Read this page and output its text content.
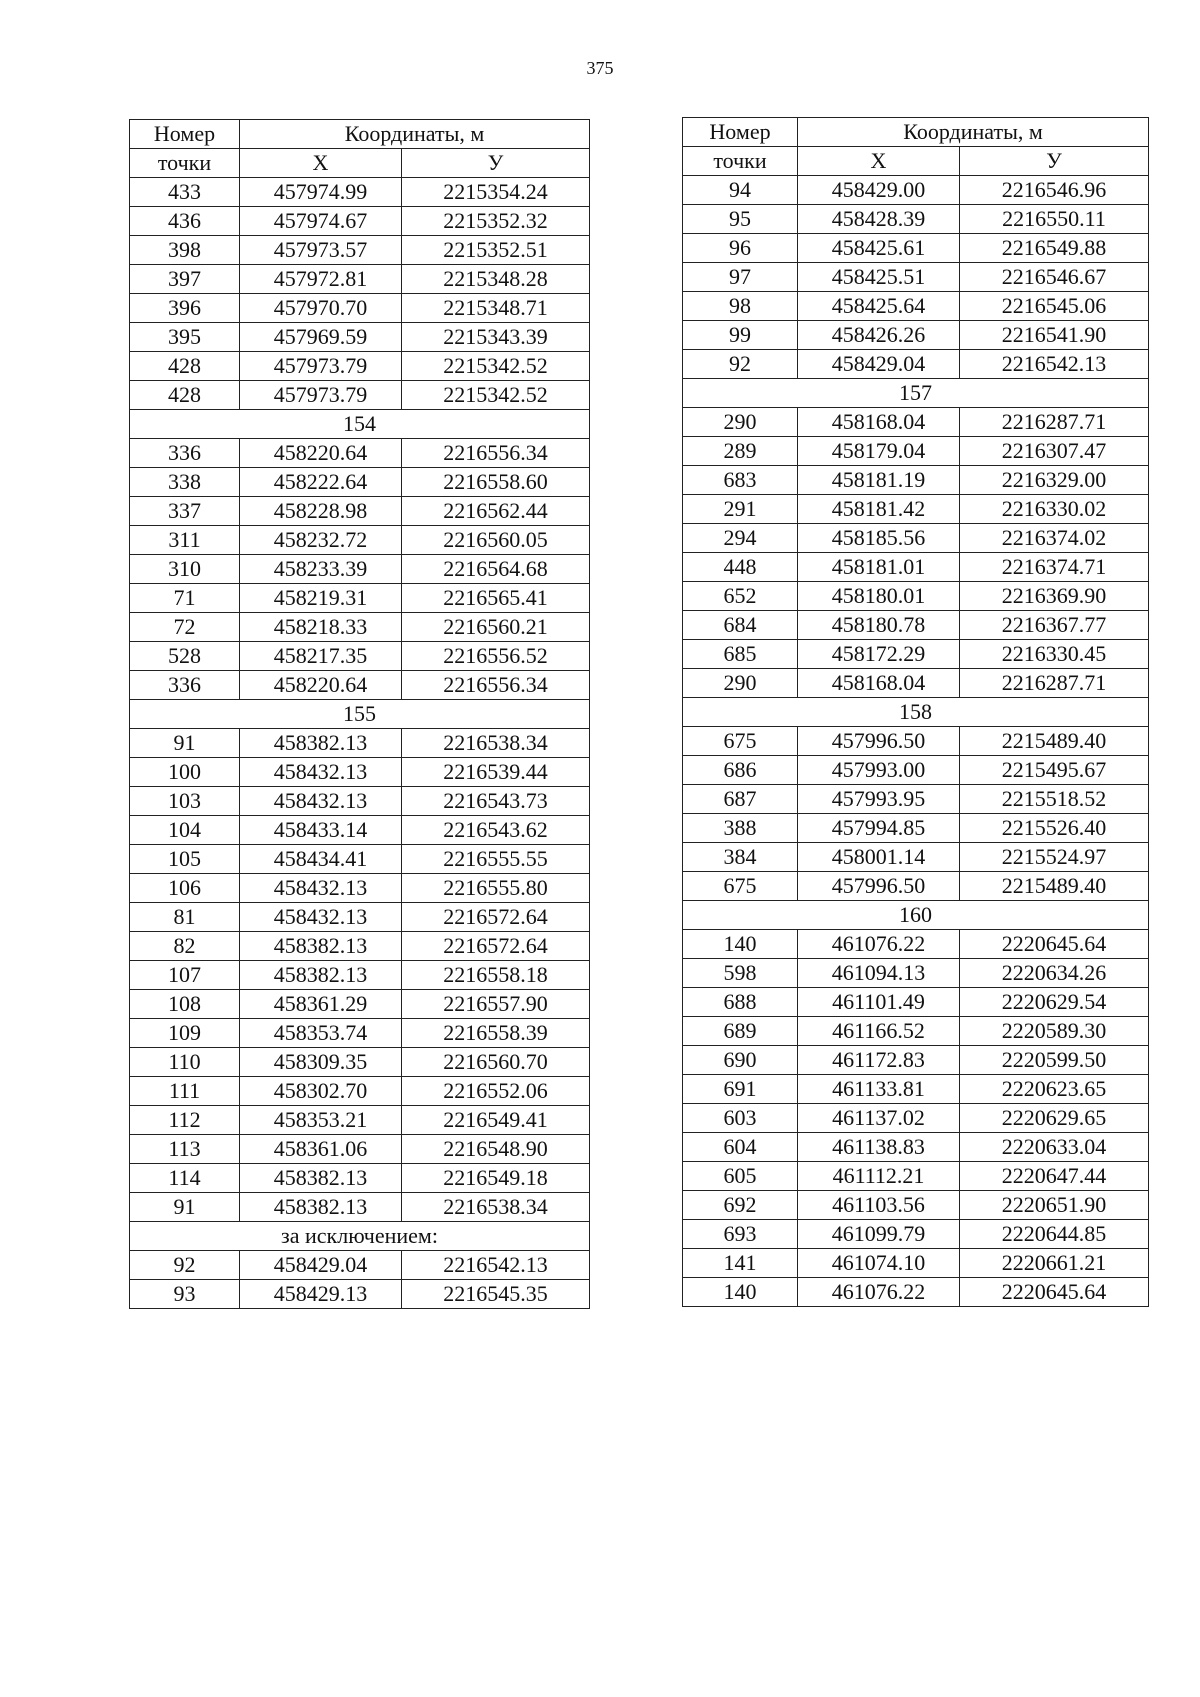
375
Номер	Координаты, м	
точки	Х	У
433	457974.99	2215354.24
436	457974.67	2215352.32
398	457973.57	2215352.51
397	457972.81	2215348.28
396	457970.70	2215348.71
395	457969.59	2215343.39
428	457973.79	2215342.52
428	457973.79	2215342.52
154		
336	458220.64	2216556.34
338	458222.64	2216558.60
337	458228.98	2216562.44
311	458232.72	2216560.05
310	458233.39	2216564.68
71	458219.31	2216565.41
72	458218.33	2216560.21
528	458217.35	2216556.52
336	458220.64	2216556.34
155		
91	458382.13	2216538.34
100	458432.13	2216539.44
103	458432.13	2216543.73
104	458433.14	2216543.62
105	458434.41	2216555.55
106	458432.13	2216555.80
81	458432.13	2216572.64
82	458382.13	2216572.64
107	458382.13	2216558.18
108	458361.29	2216557.90
109	458353.74	2216558.39
110	458309.35	2216560.70
111	458302.70	2216552.06
112	458353.21	2216549.41
113	458361.06	2216548.90
114	458382.13	2216549.18
91	458382.13	2216538.34
за исключением:		
92	458429.04	2216542.13
93	458429.13	2216545.35
Номер	Координаты, м	
точки	Х	У
94	458429.00	2216546.96
95	458428.39	2216550.11
96	458425.61	2216549.88
97	458425.51	2216546.67
98	458425.64	2216545.06
99	458426.26	2216541.90
92	458429.04	2216542.13
157		
290	458168.04	2216287.71
289	458179.04	2216307.47
683	458181.19	2216329.00
291	458181.42	2216330.02
294	458185.56	2216374.02
448	458181.01	2216374.71
652	458180.01	2216369.90
684	458180.78	2216367.77
685	458172.29	2216330.45
290	458168.04	2216287.71
158		
675	457996.50	2215489.40
686	457993.00	2215495.67
687	457993.95	2215518.52
388	457994.85	2215526.40
384	458001.14	2215524.97
675	457996.50	2215489.40
160		
140	461076.22	2220645.64
598	461094.13	2220634.26
688	461101.49	2220629.54
689	461166.52	2220589.30
690	461172.83	2220599.50
691	461133.81	2220623.65
603	461137.02	2220629.65
604	461138.83	2220633.04
605	461112.21	2220647.44
692	461103.56	2220651.90
693	461099.79	2220644.85
141	461074.10	2220661.21
140	461076.22	2220645.64
